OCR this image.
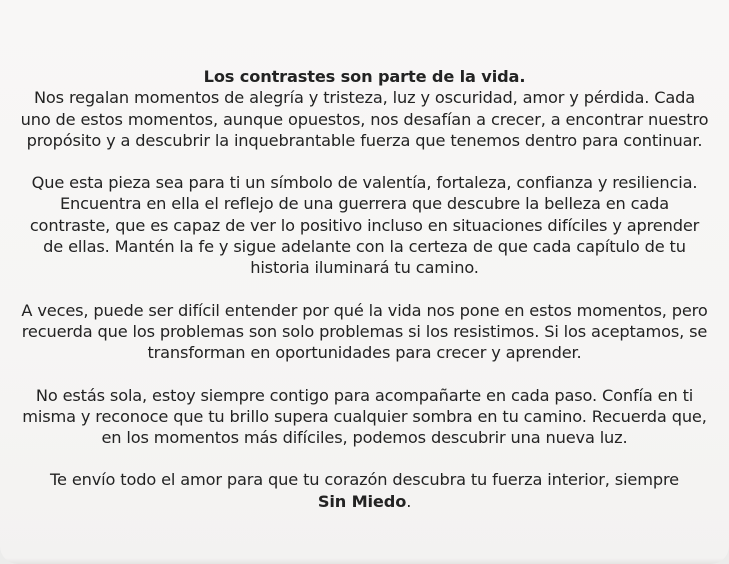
Los contrastes son parte de la vida.
Nos regalan momentos de alegría y tristeza, luz y oscuridad, amor y pérdida. Cada uno de estos momentos, aunque opuestos, nos desafían a crecer, a encontrar nuestro propósito y a descubrir la inquebrantable fuerza que tenemos dentro para continuar.

Que esta pieza sea para ti un símbolo de valentía, fortaleza, confianza y resiliencia. Encuentra en ella el reflejo de una guerrera que descubre la belleza en cada contraste, que es capaz de ver lo positivo incluso en situaciones difíciles y aprender de ellas. Mantén la fe y sigue adelante con la certeza de que cada capítulo de tu historia iluminará tu camino.

A veces, puede ser difícil entender por qué la vida nos pone en estos momentos, pero recuerda que los problemas son solo problemas si los resistimos. Si los aceptamos, se transforman en oportunidades para crecer y aprender.

No estás sola, estoy siempre contigo para acompañarte en cada paso. Confía en ti misma y reconoce que tu brillo supera cualquier sombra en tu camino. Recuerda que, en los momentos más difíciles, podemos descubrir una nueva luz.

Te envío todo el amor para que tu corazón descubra tu fuerza interior, siempre
Sin Miedo.
